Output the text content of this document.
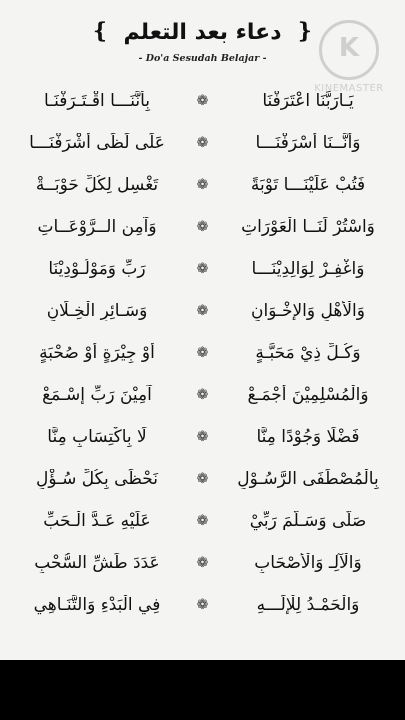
❴ دعاء بعد التعلم ❵
- Do'a Sesudah Belajar -	K
KINEMASTER
يَـارَبَّنَا اعْتَرَفْنَا
❁
بِأَنَّنَـــا اقْـتَـرَفْنَـا
وَأَنَّــنَا أَسْرَفْنَـــا
❁
عَلَى لَظَى أَشْرَفْنَـــا
فَتُبْ عَلَيْنَـــا تَوْبَةً
❁
تَغْسِل لِكُلِّ حَوْبَــةْ
وَاسْتُرْ لَنَــا الْعَوْرَاتِ
❁
وَآمِنِ الــرَّوْعَــاتِ
وَاغْفِـرْ لِوَالِدِيْنَـــا
❁
رَبِّ وَمَوْلُـوْدِيْنَا
وَالْأَهْلِ وَالإِخْـوَانِ
❁
وَسَـائِرِ الْخِـلَانِ
وَكُـلِّ ذِيْ مَحَبَّـةٍ
❁
أَوْ جِيْرَةٍ أَوْ صُحْبَةٍ
وَالْمُسْلِمِيْنَ أَجْمَـعْ
❁
آمِيْنَ رَبِّ إِسْـمَعْ
فَضْلًا وَجُوْدًا مِنَّا
❁
لَا بِاكْتِسَابٍ مِنَّا
بِالْمُصْطَفَى الرَّسُـوْلِ
❁
نَحْظَى بِكُلِّ سُـؤْلِ
صَلَّى وَسَـلَّمَ رَبِّيْ
❁
عَلَيْهِ عَـدَّ الْـحَبِّ
وَالْآلِـ وَالْأَصْحَابِ
❁
عَدَدَ طَشِّ السُّحْبِ
وَالْحَمْـدُ لِلْإِلَـــهِ
❁
فِي الْبَدْءِ وَالتَّنَـاهِي
